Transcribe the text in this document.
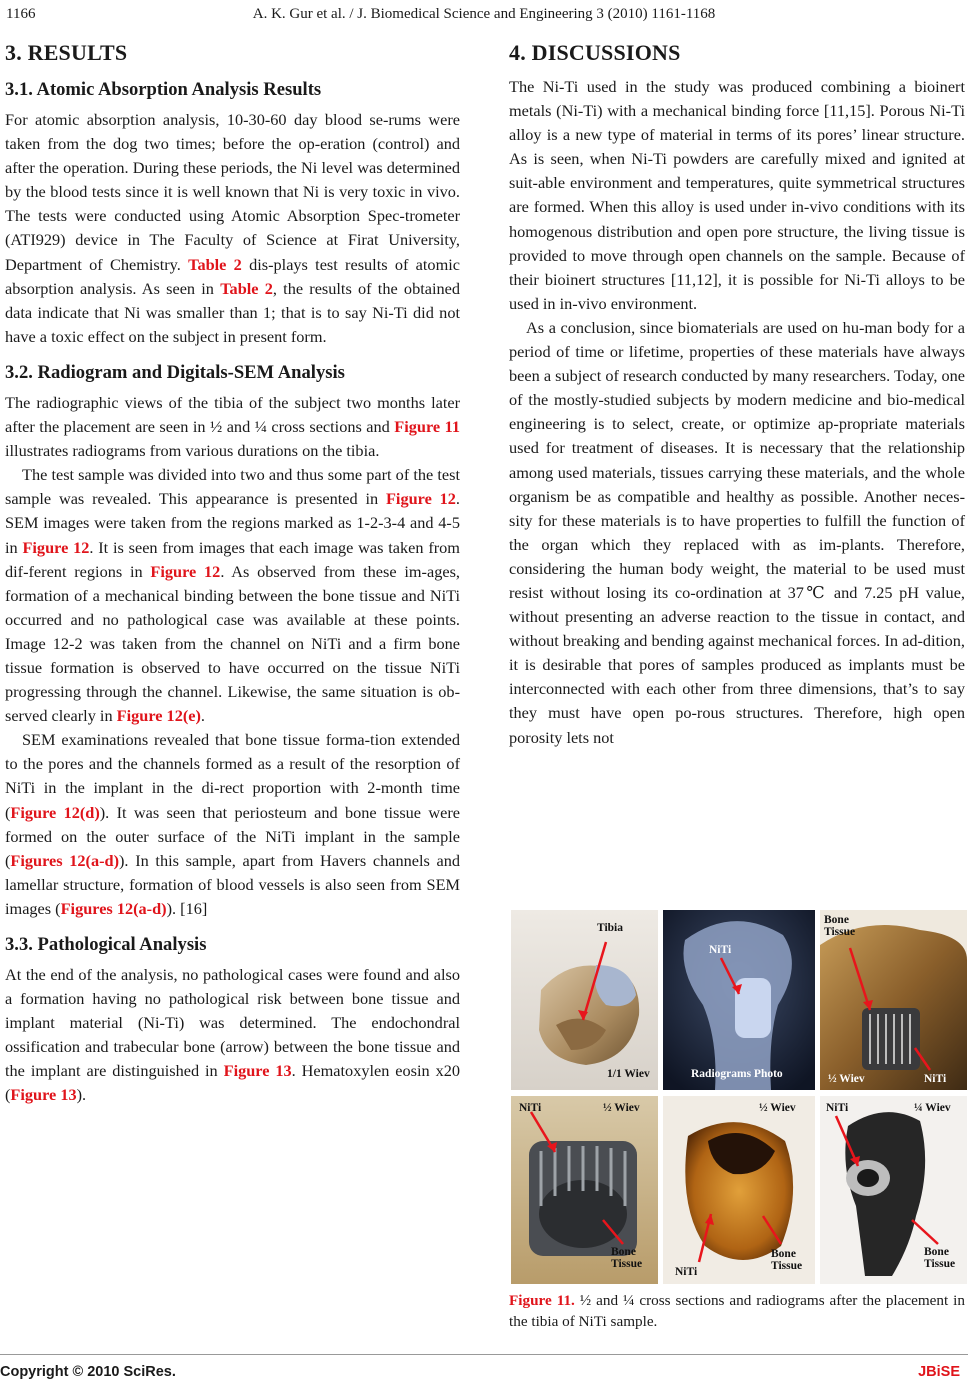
1166	A. K. Gur et al. / J. Biomedical Science and Engineering 3 (2010) 1161-1168
3. RESULTS
3.1. Atomic Absorption Analysis Results

For atomic absorption analysis, 10-30-60 day blood se-rums were taken from the dog two times; before the op-eration (control) and after the operation. During these periods, the Ni level was determined by the blood tests since it is well known that Ni is very toxic in vivo. The tests were conducted using Atomic Absorption Spec-trometer (ATI929) device in The Faculty of Science at Firat University, Department of Chemistry. Table 2 dis-plays test results of atomic absorption analysis. As seen in Table 2, the results of the obtained data indicate that Ni was smaller than 1; that is to say Ni-Ti did not have a toxic effect on the subject in present form.

3.2. Radiogram and Digitals-SEM Analysis

The radiographic views of the tibia of the subject two months later after the placement are seen in ½ and ¼ cross sections and Figure 11 illustrates radiograms from various durations on the tibia.

The test sample was divided into two and thus some part of the test sample was revealed. This appearance is presented in Figure 12. SEM images were taken from the regions marked as 1-2-3-4 and 4-5 in Figure 12. It is seen from images that each image was taken from dif-ferent regions in Figure 12. As observed from these im-ages, formation of a mechanical binding between the bone tissue and NiTi occurred and no pathological case was available at these points. Image 12-2 was taken from the channel on NiTi and a firm bone tissue formation is observed to have occurred on the tissue NiTi progressing through the channel. Likewise, the same situation is ob-served clearly in Figure 12(e).

SEM examinations revealed that bone tissue forma-tion extended to the pores and the channels formed as a result of the resorption of NiTi in the implant in the di-rect proportion with 2-month time (Figure 12(d)). It was seen that periosteum and bone tissue were formed on the outer surface of the NiTi implant in the sample (Figures 12(a-d)). In this sample, apart from Havers channels and lamellar structure, formation of blood vessels is also seen from SEM images (Figures 12(a-d)). [16]

3.3. Pathological Analysis

At the end of the analysis, no pathological cases were found and also a formation having no pathological risk between bone tissue and implant material (Ni-Ti) was determined. The endochondral ossification and trabecular bone (arrow) between the bone tissue and the implant are distinguished in Figure 13. Hematoxylen eosin x20 (Figure 13).

4. DISCUSSIONS

The Ni-Ti used in the study was produced combining a bioinert metals (Ni-Ti) with a mechanical binding force [11,15]. Porous Ni-Ti alloy is a new type of material in terms of its pores’ linear structure. As is seen, when Ni-Ti powders are carefully mixed and ignited at suit-able environment and temperatures, quite symmetrical structures are formed. When this alloy is used under in-vivo conditions with its homogenous distribution and open pore structure, the living tissue is provided to move through open channels on the sample. Because of their bioinert structures [11,12], it is possible for Ni-Ti alloys to be used in in-vivo environment.

As a conclusion, since biomaterials are used on hu-man body for a period of time or lifetime, properties of these materials have always been a subject of research conducted by many researchers. Today, one of the mostly-studied subjects by modern medicine and bio-medical engineering is to select, create, or optimize ap-propriate materials used for treatment of diseases. It is necessary that the relationship among used materials, tissues carrying these materials, and the whole organism be as compatible and healthy as possible. Another neces-sity for these materials is to have properties to fulfill the function of the organ which they replaced with as im-plants. Therefore, considering the human body weight, the material to be used must resist without losing its co-ordination at 37℃ and 7.25 pH value, without presenting an adverse reaction to the tissue in contact, and without breaking and bending against mechanical forces. In ad-dition, it is desirable that pores of samples produced as implants must be interconnected with each other from three dimensions, that’s to say they must have open po-rous structures. Therefore, high open porosity lets not

Tibia
1/1 Wiev
NiTi
Radiograms Photo
Bone
Tissue
½ Wiev	NiTi
NiTi	½ Wiev
Bone
Tissue
½ Wiev
NiTi
Bone
Tissue
NiTi	¼ Wiev
Bone
Tissue
Figure 11. ½ and ¼ cross sections and radiograms after the placement in the tibia of NiTi sample.
Copyright © 2010 SciRes.	JBiSE
